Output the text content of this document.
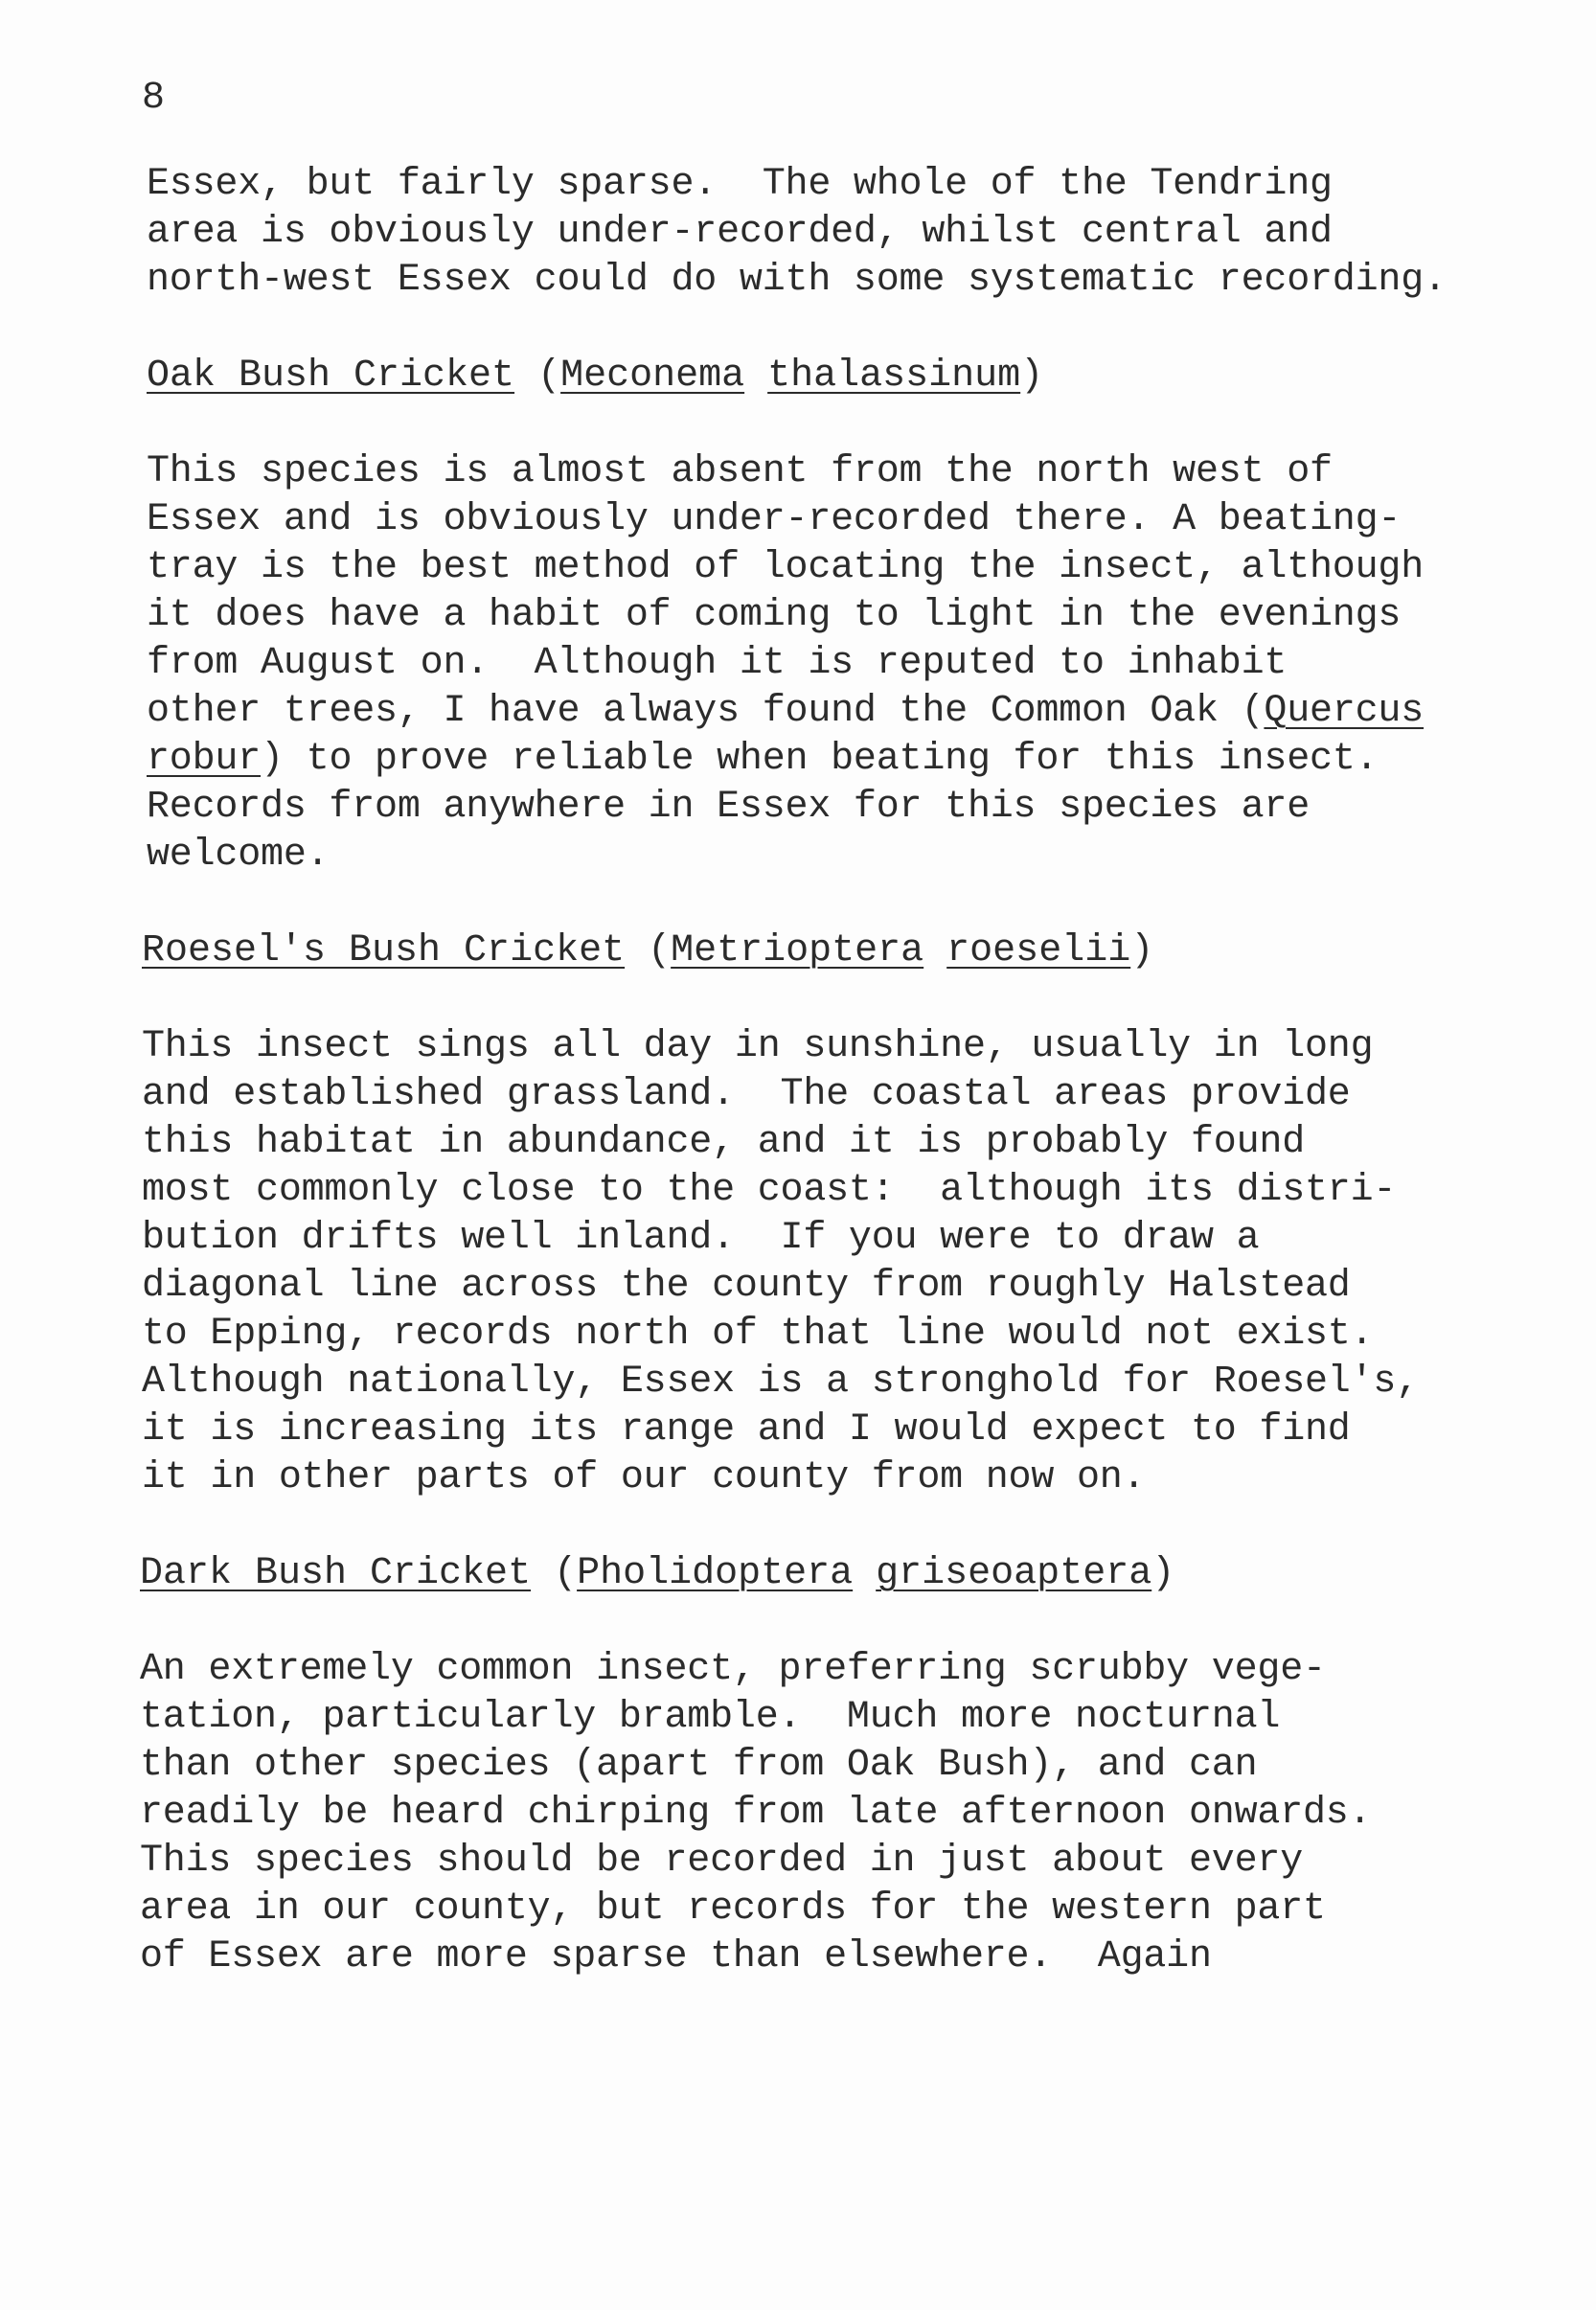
8
Essex, but fairly sparse.  The whole of the Tendring
area is obviously under-recorded, whilst central and
north-west Essex could do with some systematic recording.
Oak Bush Cricket (Meconema thalassinum)
This species is almost absent from the north west of
Essex and is obviously under-recorded there. A beating-
tray is the best method of locating the insect, although
it does have a habit of coming to light in the evenings
from August on.  Although it is reputed to inhabit
other trees, I have always found the Common Oak (Quercus
robur) to prove reliable when beating for this insect.
Records from anywhere in Essex for this species are
welcome.
Roesel's Bush Cricket (Metrioptera roeselii)
This insect sings all day in sunshine, usually in long
and established grassland.  The coastal areas provide
this habitat in abundance, and it is probably found
most commonly close to the coast:  although its distri-
bution drifts well inland.  If you were to draw a
diagonal line across the county from roughly Halstead
to Epping, records north of that line would not exist.
Although nationally, Essex is a stronghold for Roesel's,
it is increasing its range and I would expect to find
it in other parts of our county from now on.
Dark Bush Cricket (Pholidoptera griseoaptera)
An extremely common insect, preferring scrubby vege-
tation, particularly bramble.  Much more nocturnal
than other species (apart from Oak Bush), and can
readily be heard chirping from late afternoon onwards.
This species should be recorded in just about every
area in our county, but records for the western part
of Essex are more sparse than elsewhere.  Again
